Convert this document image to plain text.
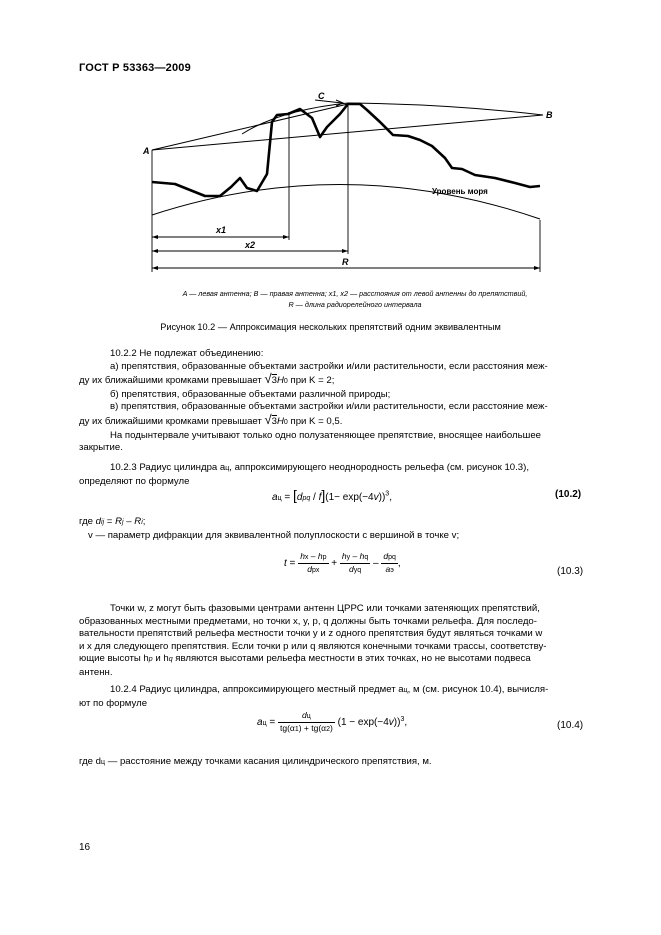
ГОСТ Р 53363—2009
A
B
C
x1
x2
R
Уровень моря
A — левая антенна; B — правая антенна; x1, x2 — расстояния от левой антенны до препятствий,
R — длина радиорелейного интервала
Рисунок 10.2 — Аппроксимация нескольких препятствий одним эквивалентным
10.2.2 Не подлежат объединению:
а) препятствия, образованные объектами застройки и/или растительности, если расстояния меж-
ду их ближайшими кромками превышает √3H0 при K = 2;
б) препятствия, образованные объектами различной природы;
в) препятствия, образованные объектами застройки и/или растительности, если расстояние меж-
ду их ближайшими кромками превышает √3H0 при K = 0,5.
На подынтервале учитывают только одно полузатеняющее препятствие, вносящее наибольшее
закрытие.
10.2.3 Радиус цилиндра aц, аппроксимирующего неоднородность рельефа (см. рисунок 10.3),
определяют по формуле
aц = $[dpq / f](1- \exp(-4v))^3$,	(10.2)
где dij = Rj – Ri;
v — параметр дифракции для эквивалентной полуплоскости с вершиной в точке v;
$t = \frac{hx - hp}{\text{dpx}} + \frac{hy - hq}{\text{dyq}} - \frac{\text{dpq}}{aэ}$ ,
(10.3)
Точки w, z могут быть фазовыми центрами антенн ЦРРС или точками затеняющих препятствий,
образованных местными предметами, но точки x, y, p, q должны быть точками рельефа. Для последо-
вательности препятствий рельефа местности точки y и z одного препятствия будут являться точками w
и x для следующего препятствия. Если точки p или q являются конечными точками трассы, соответству-
ющие высоты hp и hq являются высотами рельефа местности в этих точках, но не высотами подвеса
антенн.
10.2.4 Радиус цилиндра, аппроксимирующего местный предмет aц, м (см. рисунок 10.4), вычисля-
ют по формуле
aц = $\frac{dц}{tg(\alpha 1) + tg(\alpha 2)} (1 - \exp(-4v))^3$,	(10.4)
где dц — расстояние между точками касания цилиндрического препятствия, м.
16
